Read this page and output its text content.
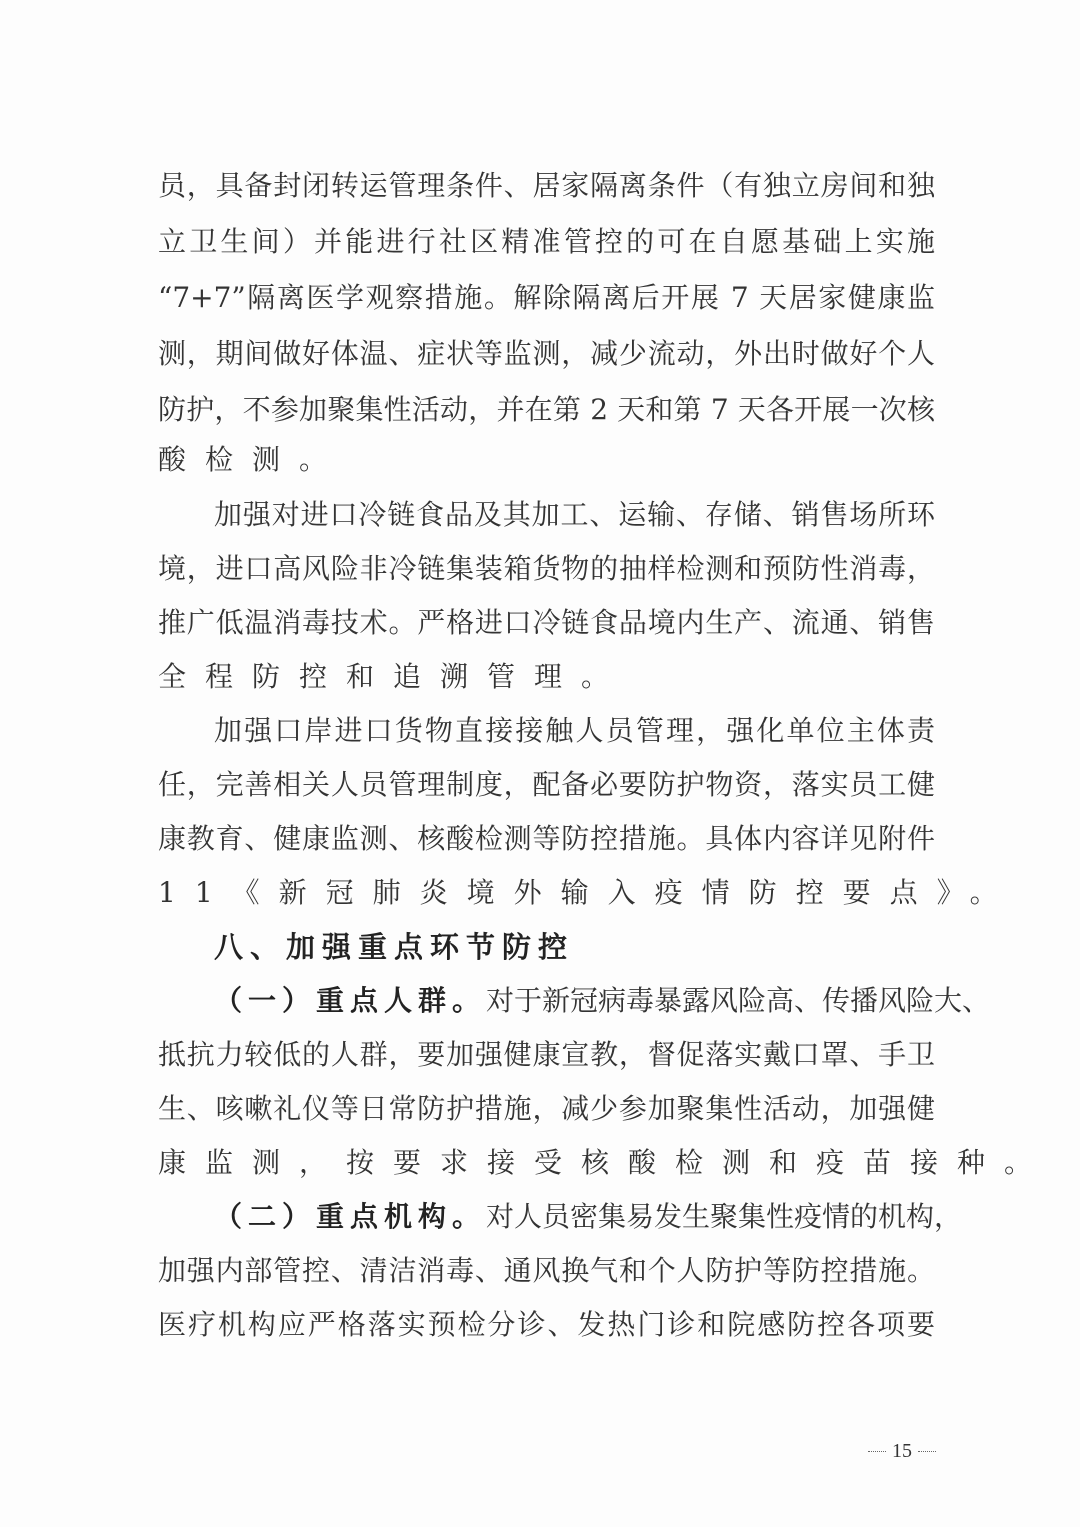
员，具备封闭转运管理条件、居家隔离条件（有独立房间和独
立卫生间）并能进行社区精准管控的可在自愿基础上实施
“7+7”隔离医学观察措施。解除隔离后开展 7 天居家健康监
测，期间做好体温、症状等监测，减少流动，外出时做好个人
防护，不参加聚集性活动，并在第 2 天和第 7 天各开展一次核
酸检测。
加强对进口冷链食品及其加工、运输、存储、销售场所环
境，进口高风险非冷链集装箱货物的抽样检测和预防性消毒，
推广低温消毒技术。严格进口冷链食品境内生产、流通、销售
全程防控和追溯管理。
加强口岸进口货物直接接触人员管理，强化单位主体责
任，完善相关人员管理制度，配备必要防护物资，落实员工健
康教育、健康监测、核酸检测等防控措施。具体内容详见附件
11《新冠肺炎境外输入疫情防控要点》。
八、加强重点环节防控
（一）重点人群。 对于新冠病毒暴露风险高、传播风险大、
抵抗力较低的人群，要加强健康宣教，督促落实戴口罩、手卫
生、咳嗽礼仪等日常防护措施，减少参加聚集性活动，加强健
康监测，按要求接受核酸检测和疫苗接种。
（二）重点机构。 对人员密集易发生聚集性疫情的机构，
加强内部管控、清洁消毒、通风换气和个人防护等防控措施。
医疗机构应严格落实预检分诊、发热门诊和院感防控各项要
15
